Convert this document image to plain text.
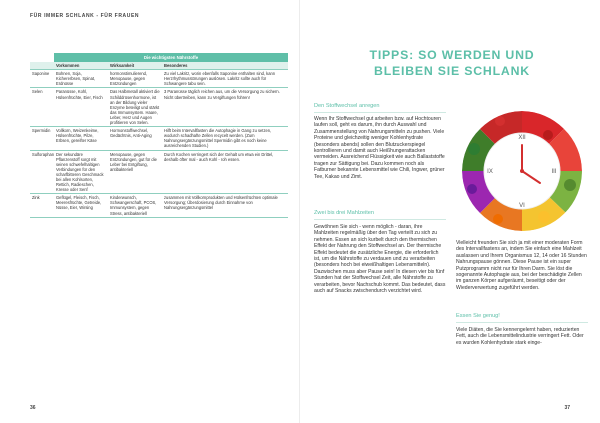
FÜR IMMER SCHLANK - FÜR FRAUEN
	Die wichtigsten Nährstoffe		
	Vorkommen	Wirksamkeit	Besonderes
Saponine	Bohnen, Soja, Kichererbsen, Spinat, Erdnüsse	hormonstimulierend, Menopause, gegen Entzündungen	Zu viel Lakritz, worin ebenfalls Saponine enthalten sind, kann Herzrhythmusstörungen auslösen. Lakritz sollte auch für Schwangere tabu sein.
Selen	Paranüsse, Kohl, Hülsenfrüchte, Eier, Fisch	Das Halbmetall aktiviert die Schilddrüsenhormone, ist an der Bildung vieler Enzyme beteiligt und stärkt das Immunsystem. Haare, Leber, Herz und Augen profitieren von Selen.	3 Paranüsse täglich reichen aus, um die Versorgung zu sichern. Nicht übertreiben, kann zu Vergiftungen führen!
Spermidin	Vollkorn, Weizenkeime, Hülsenfrüchte, Pilze, Erbsen, gereifter Käse	Hormonstoffwechsel, Gedächtnis, Anti-Aging	Hilft beim Intervallfasten die Autophagie in Gang zu setzen, wodurch schadhafte Zellen recycelt werden. (Zum Nahrungsergänzungsmittel Spermidin gibt es noch keine ausreichenden Studien.)
Sulforaphan	Der sekundäre Pflanzenstoff sorgt mit seinen schwefelhaltigen Verbindungen für den scharfbitteren Geschmack bei allen Kohlsorten, Rettich, Radieschen, Kresse oder Senf	Menopause, gegen Entzündungen, gut für die Leber bei Entgiftung, antibakteriell	Durch Kochen verringert sich der Gehalt um etwa ein Drittel, deshalb öfter mal - auch Kohl - roh essen.
Zink	Geflügel, Fleisch, Fisch, Meeresfrüchte, Getreide, Nüsse, Eier, Wirsing	Kinderwunsch, Schwangerschaft, PCOS, Immunsystem, gegen Stress, antibakteriell	zusammen mit Vollkornprodukten und Hülsenfrüchten optimale Versorgung; Überdosierung durch Einnahme von Nahrungsergänzungsmittel
36
TIPPS: SO WERDEN UND
BLEIBEN SIE SCHLANK
Den Stoffwechsel anregen
Wenn Ihr Stoffwechsel gut arbeiten bzw. auf Hochtouren laufen soll, geht es darum, ihn durch Auswahl und Zusammenstellung von Nahrungsmitteln zu pushen. Viele Proteine und gleichzeitig weniger Kohlenhydrate (besonders abends) sollen den Blutzuckerspiegel kontrollieren und damit auch Heißhungerattacken vermeiden. Ausreichend Flüssigkeit wie auch Ballaststoffe tragen zur Sättigung bei. Dazu kommen noch als Fatburner bekannte Lebensmittel wie Chili, Ingwer, grüner Tee, Kakao und Zimt.
Zwei bis drei Mahlzeiten
Gewöhnen Sie sich - wenn möglich - daran, ihre Mahlzeiten regelmäßig über den Tag verteilt zu sich zu nehmen. Essen an sich kurbelt durch den thermischen Effekt der Nahrung den Stoffwechsel an. Der thermische Effekt bedeutet die zusätzliche Energie, die erforderlich ist, um die Nährstoffe zu verdauen und zu verarbeiten (besonders hoch bei eiweißhaltigen Lebensmitteln). Dazwischen muss aber Pause sein! In diesen vier bis fünf Stunden hat der Stoffwechsel Zeit, alle Nährstoffe zu verarbeiten, bevor Nachschub kommt. Das bedeutet, dass auch auf Snacks zwischendurch verzichtet wird.
XII
III
VI
IX
Vielleicht freunden Sie sich ja mit einer moderaten Form des Intervallfastens an, indem Sie einfach eine Mahlzeit auslassen und Ihrem Organismus 12, 14 oder 16 Stunden Nahrungspause gönnen. Diese Pause ist ein super Putzprogramm nicht nur für Ihren Darm. Sie löst die sogenannte Autophagie aus, bei der beschädigte Zellen im ganzen Körper aufgeräumt, beseitigt oder der Wiederverwertung zugeführt werden.
Essen Sie genug!
Viele Diäten, die Sie kennengelernt haben, reduzierten Fett, auch die Lebensmittelindustrie verringert Fett. Oder es wurden Kohlenhydrate stark einge-
37
